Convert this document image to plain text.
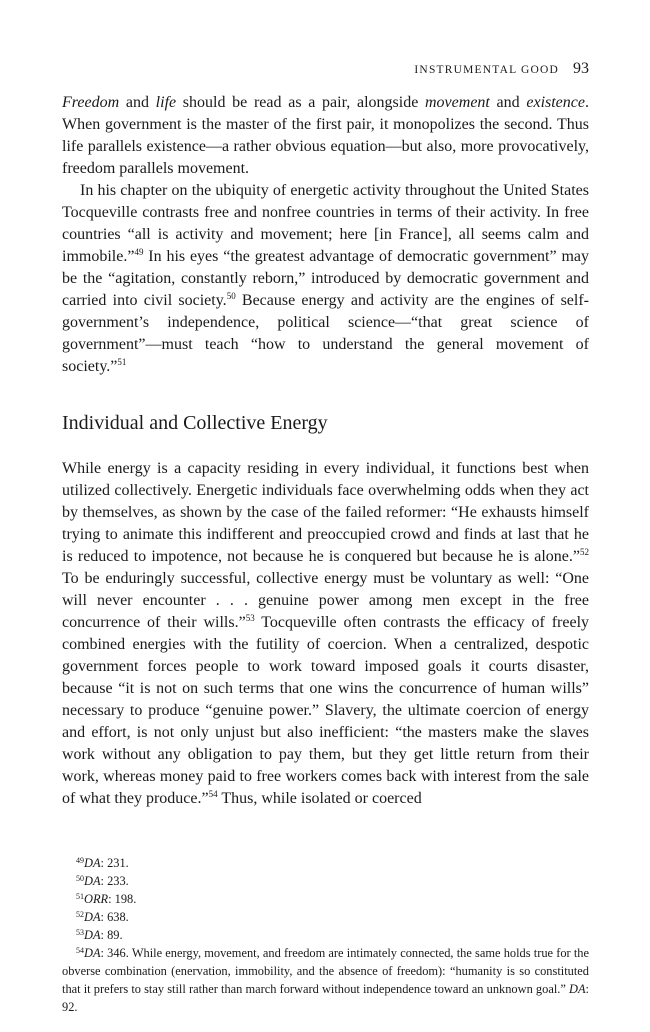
INSTRUMENTAL GOOD 93

Freedom and life should be read as a pair, alongside movement and existence. When government is the master of the first pair, it monopolizes the second. Thus life parallels existence—a rather obvious equation—but also, more provocatively, freedom parallels movement.

In his chapter on the ubiquity of energetic activity throughout the United States Tocqueville contrasts free and nonfree countries in terms of their activity. In free countries “all is activity and movement; here [in France], all seems calm and immobile.”$^{49}$ In his eyes “the greatest advantage of democratic government” may be the “agitation, constantly reborn,” introduced by democratic government and carried into civil society.$^{50}$ Because energy and activity are the engines of self-government’s independence, political science—“that great science of government”—must teach “how to understand the general movement of society.”$^{51}$

Individual and Collective Energy

While energy is a capacity residing in every individual, it functions best when utilized collectively. Energetic individuals face overwhelming odds when they act by themselves, as shown by the case of the failed reformer: “He exhausts himself trying to animate this indifferent and preoccupied crowd and finds at last that he is reduced to impotence, not because he is conquered but because he is alone.”$^{52}$ To be enduringly successful, collective energy must be voluntary as well: “One will never encounter . . . genuine power among men except in the free concurrence of their wills.”$^{53}$ Tocqueville often contrasts the efficacy of freely combined energies with the futility of coercion. When a centralized, despotic government forces people to work toward imposed goals it courts disaster, because “it is not on such terms that one wins the concurrence of human wills” necessary to produce “genuine power.” Slavery, the ultimate coercion of energy and effort, is not only unjust but also inefficient: “the masters make the slaves work without any obligation to pay them, but they get little return from their work, whereas money paid to free workers comes back with interest from the sale of what they produce.”$^{54}$ Thus, while isolated or coerced

$^{49}$DA: 231.

$^{50}$DA: 233.

$^{51}$ORR: 198.

$^{52}$DA: 638.

$^{53}$DA: 89.

$^{54}$DA: 346. While energy, movement, and freedom are intimately connected, the same holds true for the obverse combination (enervation, immobility, and the absence of freedom): “humanity is so constituted that it prefers to stay still rather than march forward without independence toward an unknown goal.” DA: 92.
